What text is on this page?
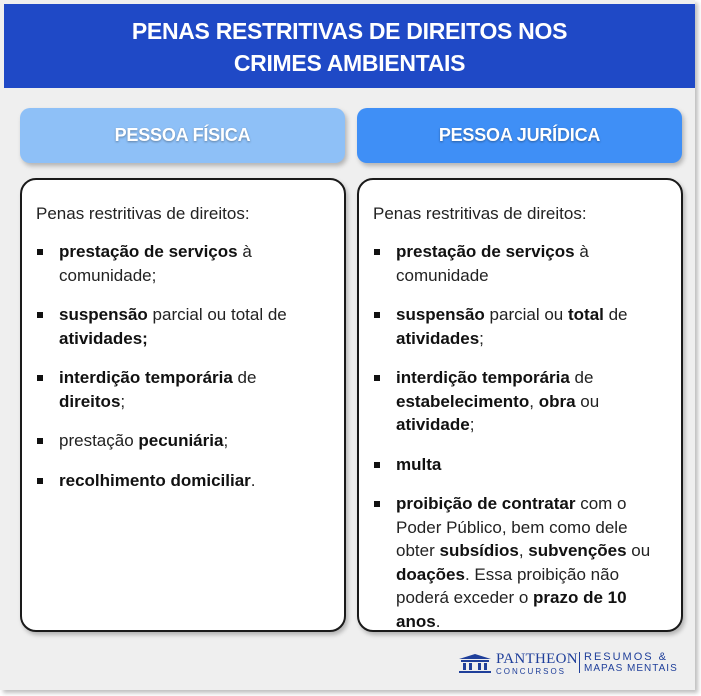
PENAS RESTRITIVAS DE DIREITOS NOS
CRIMES AMBIENTAIS
PESSOA FÍSICA	PESSOA JURÍDICA
Penas restritivas de direitos:
prestação de serviços à comunidade;
suspensão parcial ou total de atividades;
interdição temporária de direitos;
prestação pecuniária;
recolhimento domiciliar.
Penas restritivas de direitos:
prestação de serviços à comunidade
suspensão parcial ou total de atividades;
interdição temporária de estabelecimento, obra ou atividade;
multa
proibição de contratar com o Poder Público, bem como dele obter subsídios, subvenções ou doações. Essa proibição não poderá exceder o prazo de 10 anos.
PANTHEON
CONCURSOS
RESUMOS &
MAPAS MENTAIS
